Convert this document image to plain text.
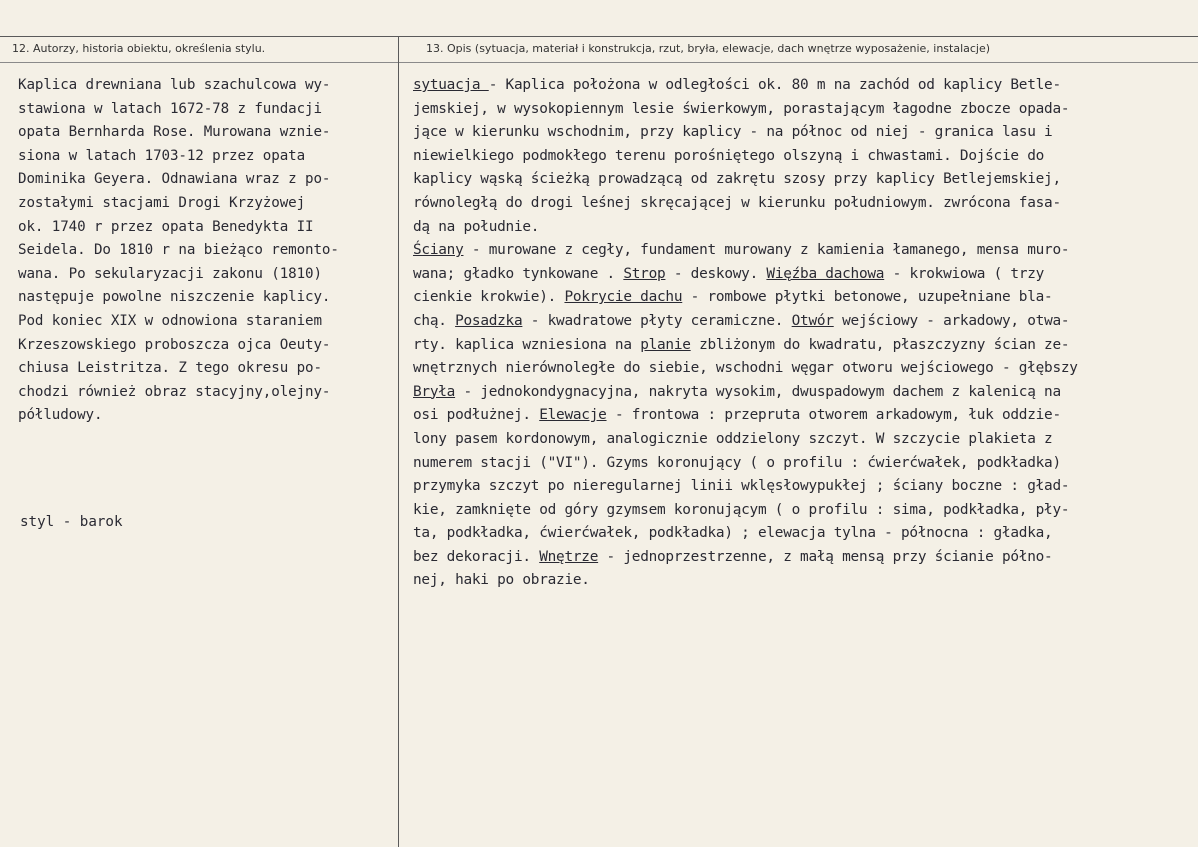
12. Autorzy, historia obiektu, określenia stylu.	13. Opis (sytuacja, materiał i konstrukcja, rzut, bryła, elewacje, dach wnętrze wyposażenie, instalacje)
Kaplica drewniana lub szachulcowa wy-
stawiona w latach 1672-78 z fundacji
opata Bernharda Rose. Murowana wznie-
siona w latach 1703-12 przez opata
Dominika Geyera. Odnawiana wraz z po-
zostałymi stacjami Drogi Krzyżowej
ok. 1740 r przez opata Benedykta II
Seidela. Do 1810 r na bieżąco remonto-
wana. Po sekularyzacji zakonu (1810)
następuje powolne niszczenie kaplicy.
Pod koniec XIX w odnowiona staraniem
Krzeszowskiego proboszcza ojca Oeuty-
chiusa Leistritza. Z tego okresu po-
chodzi również obraz stacyjny,olejny-
półludowy.
styl - barok
sytuacja - Kaplica położona w odległości ok. 80 m na zachód od kaplicy Betle-
jemskiej, w wysokopiennym lesie świerkowym, porastającym łagodne zbocze opada-
jące w kierunku wschodnim, przy kaplicy - na północ od niej - granica lasu i
niewielkiego podmokłego terenu porośniętego olszyną i chwastami. Dojście do
kaplicy wąską ścieżką prowadzącą od zakrętu szosy przy kaplicy Betlejemskiej,
równoległą do drogi leśnej skręcającej w kierunku południowym. zwrócona fasa-
dą na południe.
Ściany - murowane z cegły, fundament murowany z kamienia łamanego, mensa muro-
wana; gładko tynkowane . Strop - deskowy. Więźba dachowa - krokwiowa ( trzy
cienkie krokwie). Pokrycie dachu - rombowe płytki betonowe, uzupełniane bla-
chą. Posadzka - kwadratowe płyty ceramiczne. Otwór wejściowy - arkadowy, otwa-
rty. kaplica wzniesiona na planie zbliżonym do kwadratu, płaszczyzny ścian ze-
wnętrznych nierównoległe do siebie, wschodni węgar otworu wejściowego - głębszy
Bryła - jednokondygnacyjna, nakryta wysokim, dwuspadowym dachem z kalenicą na
osi podłużnej. Elewacje - frontowa : przepruta otworem arkadowym, łuk oddzie-
lony pasem kordonowym, analogicznie oddzielony szczyt. W szczycie plakieta z
numerem stacji ("VI"). Gzyms koronujący ( o profilu : ćwierćwałek, podkładka)
przymyka szczyt po nieregularnej linii wklęsłowypukłej ; ściany boczne : gład-
kie, zamknięte od góry gzymsem koronującym ( o profilu : sima, podkładka, pły-
ta, podkładka, ćwierćwałek, podkładka) ; elewacja tylna - północna : gładka,
bez dekoracji. Wnętrze - jednoprzestrzenne, z małą mensą przy ścianie półno-
nej, haki po obrazie.
